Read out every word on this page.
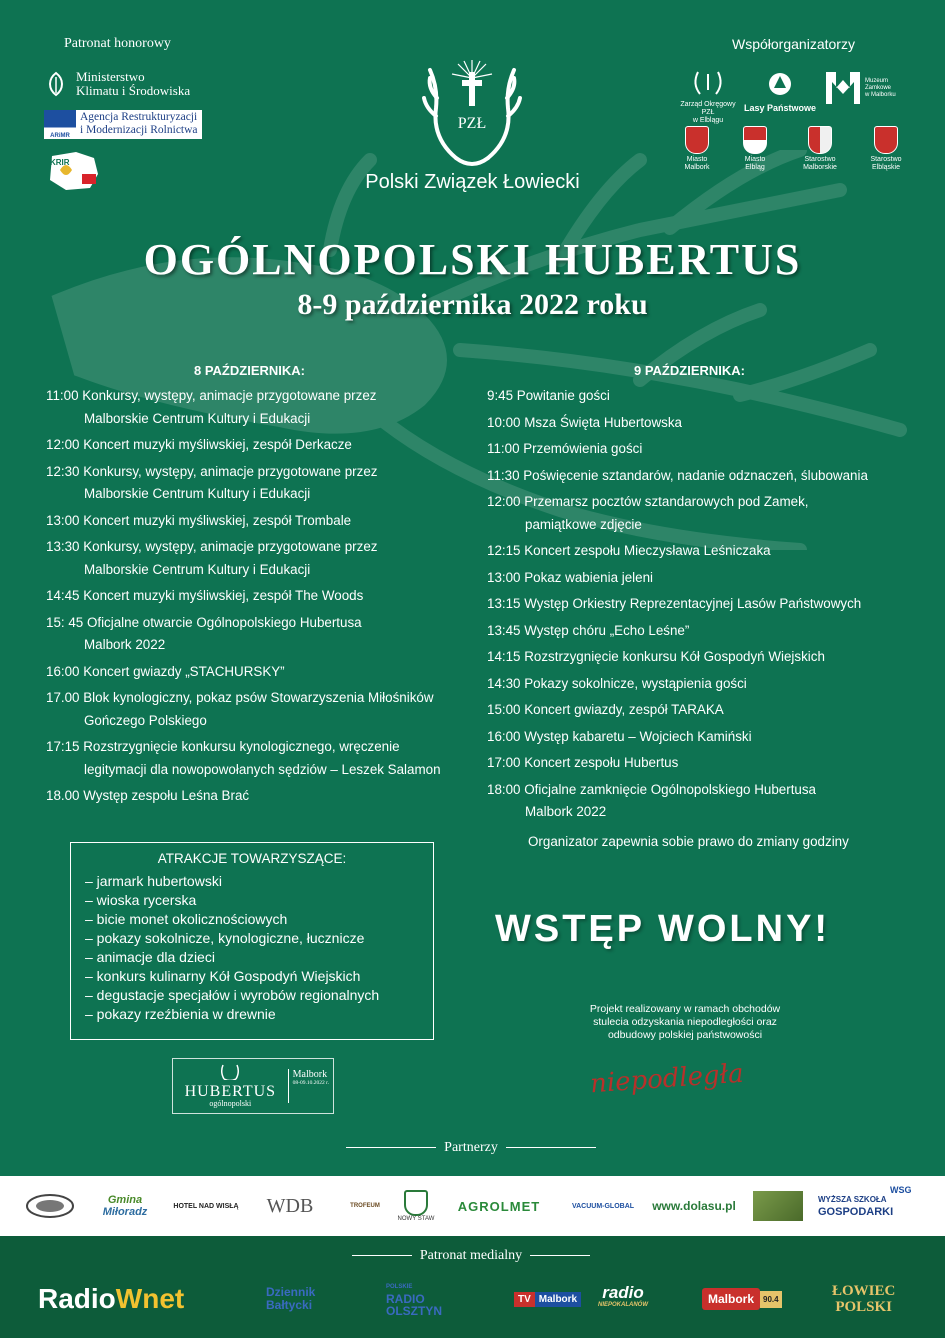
Patronat honorowy
Ministerstwo
Klimatu i Środowiska
ARiMR
Agencja Restrukturyzacji
i Modernizacji Rolnictwa
KRIR
PZŁ
Polski Związek Łowiecki
Współorganizatorzy
Zarząd Okręgowy PZŁ
w Elblągu
Lasy Państwowe
Muzeum
Zamkowe
w Malborku
Miasto
Malbork
Miasto
Elbląg
Starostwo
Malborskie
Starostwo
Elbląskie
OGÓLNOPOLSKI HUBERTUS
8-9 października 2022 roku
8 PAŹDZIERNIKA:
11:00 Konkursy, występy, animacje przygotowane przez
Malborskie Centrum Kultury i Edukacji
12:00 Koncert muzyki myśliwskiej, zespół Derkacze
12:30 Konkursy, występy, animacje przygotowane przez
Malborskie Centrum Kultury i Edukacji
13:00 Koncert muzyki myśliwskiej, zespół Trombale
13:30 Konkursy, występy, animacje przygotowane przez
Malborskie Centrum Kultury i Edukacji
14:45 Koncert muzyki myśliwskiej, zespół The Woods
15: 45 Oficjalne otwarcie Ogólnopolskiego Hubertusa
Malbork 2022
16:00 Koncert gwiazdy „STACHURSKY”
17.00 Blok kynologiczny, pokaz psów Stowarzyszenia Miłośników
Gończego Polskiego
17:15 Rozstrzygnięcie konkursu kynologicznego, wręczenie
legitymacji dla nowopowołanych sędziów – Leszek Salamon
18.00 Występ zespołu Leśna Brać
9 PAŹDZIERNIKA:
9:45 Powitanie gości
10:00 Msza Święta Hubertowska
11:00 Przemówienia gości
11:30 Poświęcenie sztandarów, nadanie odznaczeń, ślubowania
12:00 Przemarsz pocztów sztandarowych pod Zamek,
pamiątkowe zdjęcie
12:15 Koncert zespołu Mieczysława Leśniczaka
13:00 Pokaz wabienia jeleni
13:15 Występ Orkiestry Reprezentacyjnej Lasów Państwowych
13:45 Występ chóru „Echo Leśne”
14:15 Rozstrzygnięcie konkursu Kół Gospodyń Wiejskich
14:30 Pokazy sokolnicze, wystąpienia gości
15:00 Koncert gwiazdy, zespół TARAKA
16:00 Występ kabaretu – Wojciech Kamiński
17:00 Koncert zespołu Hubertus
18:00 Oficjalne zamknięcie Ogólnopolskiego Hubertusa
Malbork 2022
Organizator zapewnia sobie prawo do zmiany godziny
ATRAKCJE TOWARZYSZĄCE:
– jarmark hubertowski
– wioska rycerska
– bicie monet okolicznościowych
– pokazy sokolnicze, kynologiczne, łucznicze
– animacje dla dzieci
– konkurs kulinarny Kół Gospodyń Wiejskich
– degustacje specjałów i wyrobów regionalnych
– pokazy rzeźbienia w drewnie
HUBERTUS
ogólnopolski
Malbork
08-09.10.2022 r.
WSTĘP WOLNY!
Projekt realizowany w ramach obchodów
stulecia odzyskania niepodległości oraz
odbudowy polskiej państwowości
niepodległa
Partnerzy
Gmina
Miłoradz	HOTEL NAD WISŁĄ	WDB	TROFEUM
NOWY STAW
AGROLMET	VACUUM-GLOBAL	www.dolasu.pl	WYŻSZA SZKOŁA
GOSPODARKI
WSG
Patronat medialny
Radio Wnet	Dziennik
Bałtycki
POLSKIE
RADIO
OLSZTYN
TV Malbork radio
NIEPOKALANÓW	Malbork	90.4	ŁOWIEC
POLSKI
